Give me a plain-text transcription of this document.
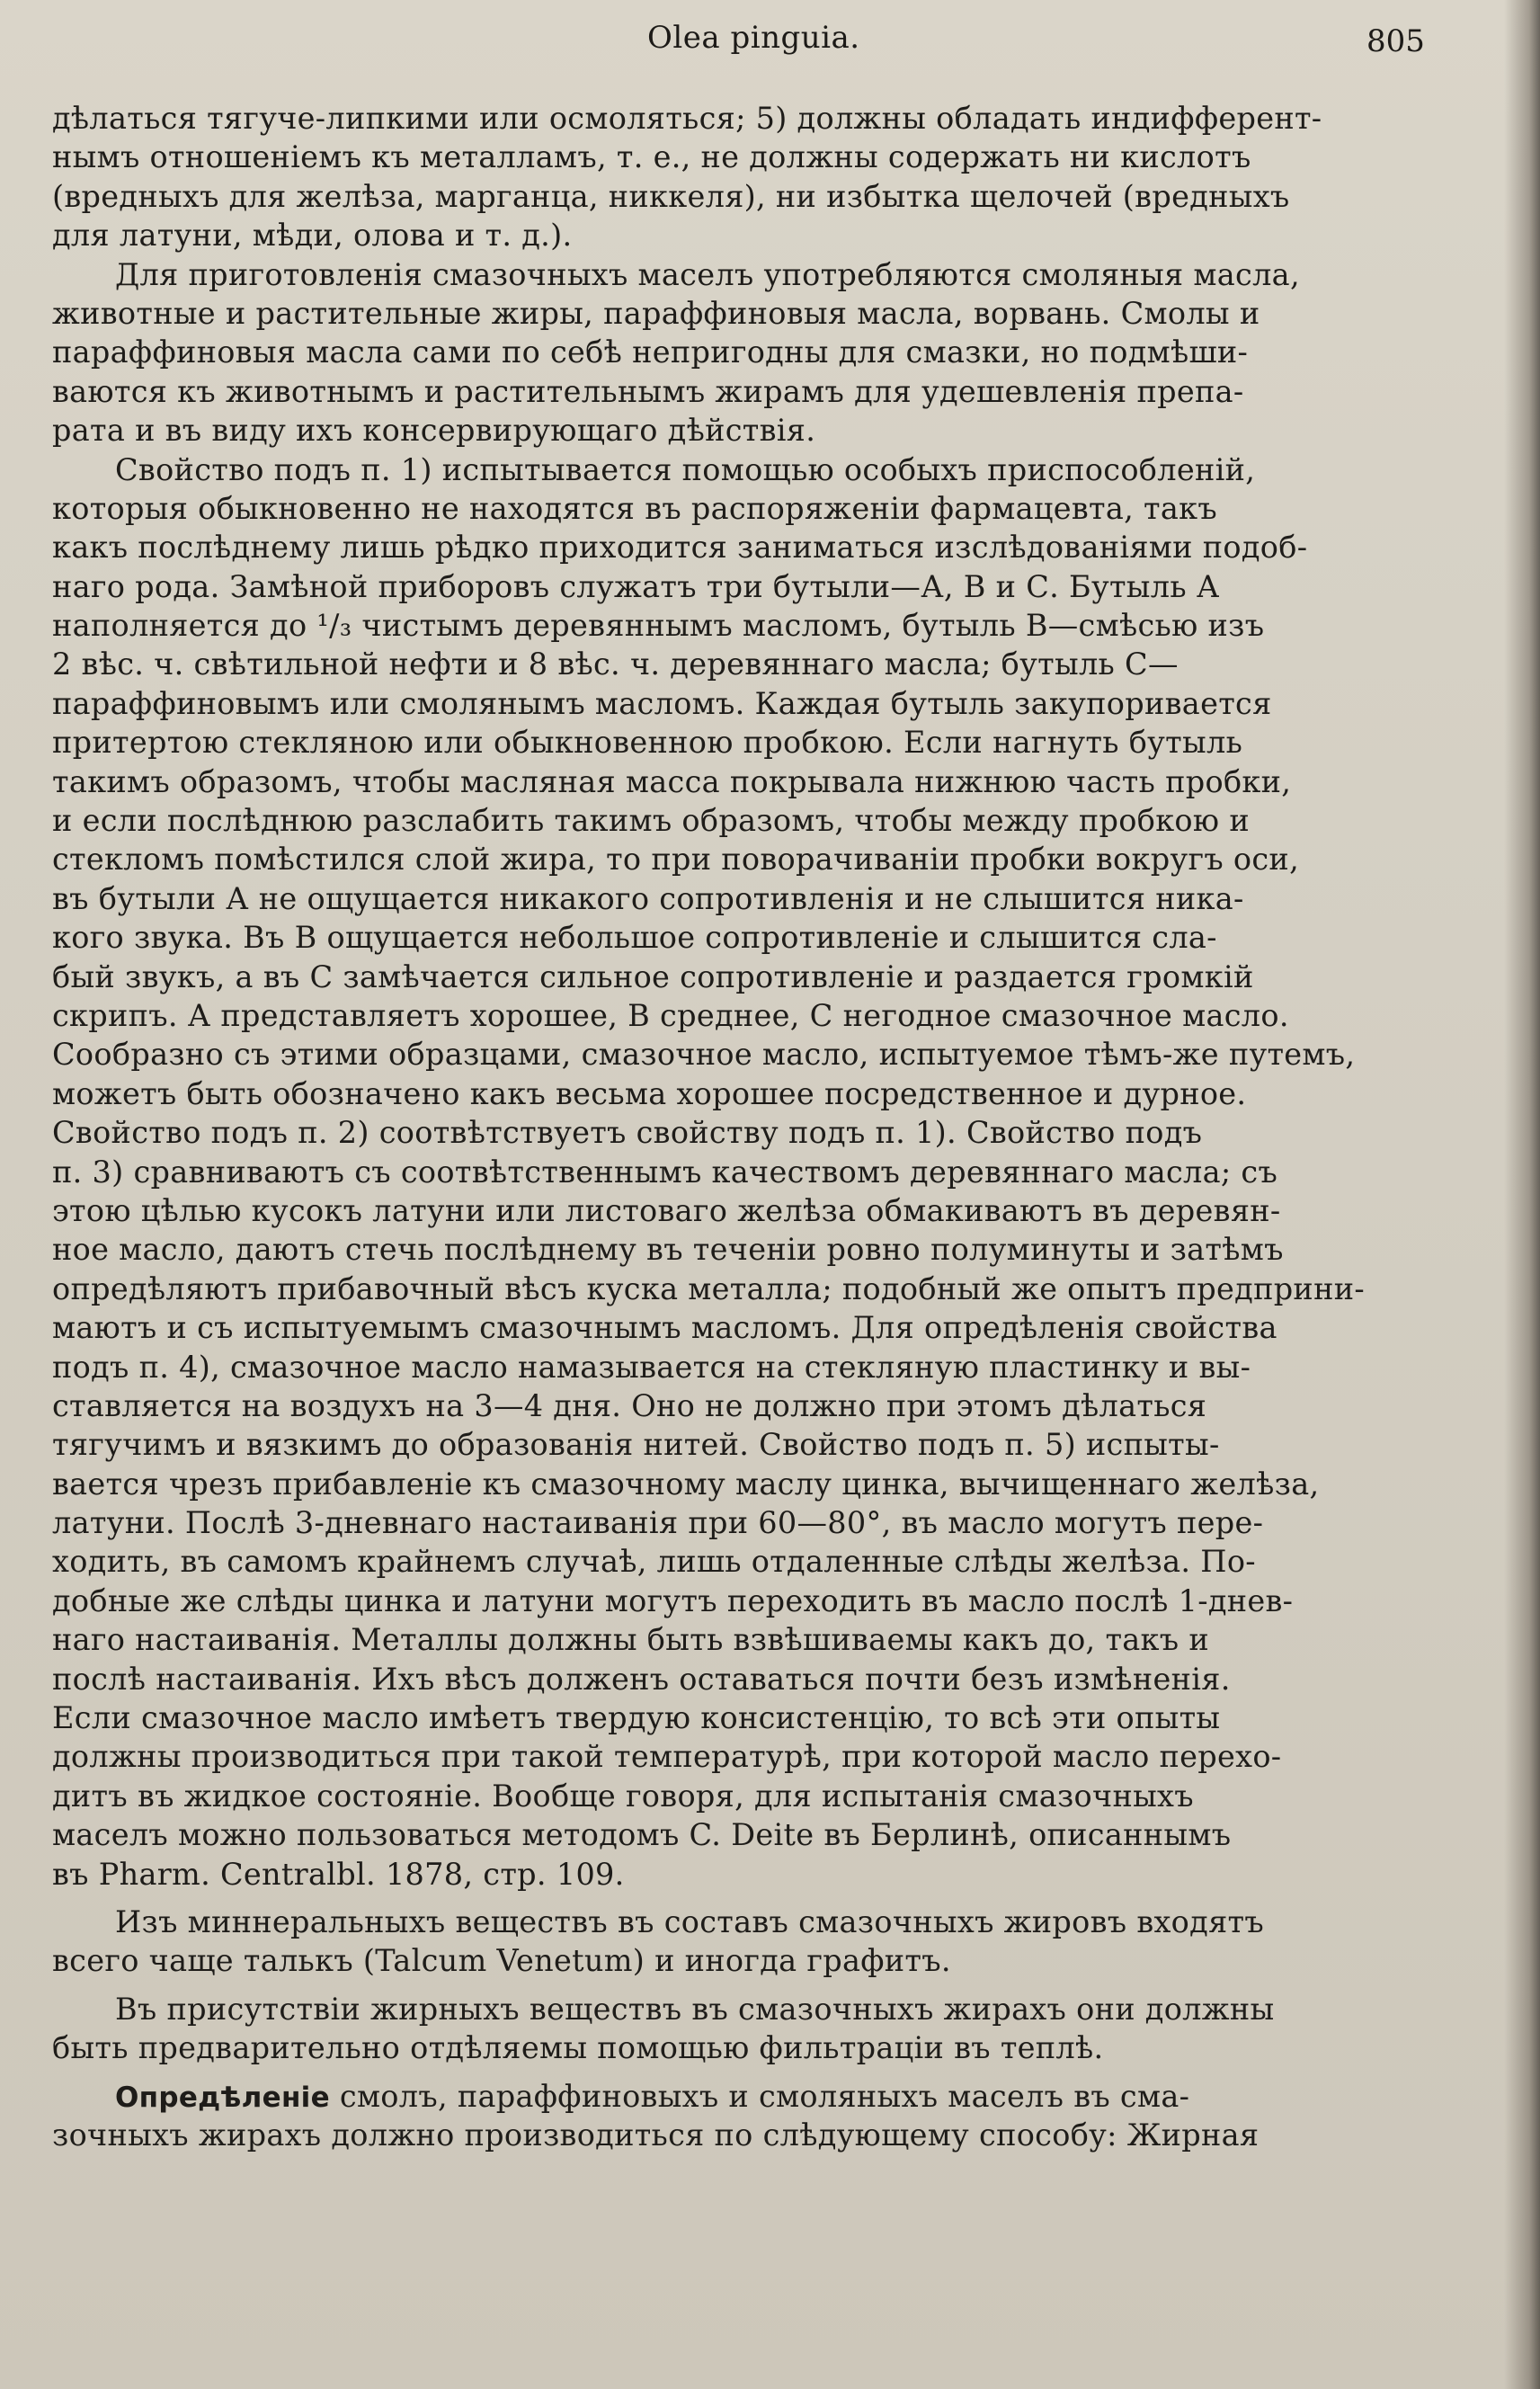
Olea pinguia.	805
дѣлаться тягуче-липкими или осмоляться; 5) должны обладать индифферент-
нымъ отношенiемъ къ металламъ, т. е., не должны содержать ни кислотъ
(вредныхъ для желѣза, марганца, никкеля), ни избытка щелочей (вредныхъ
для латуни, мѣди, олова и т. д.).
Для приготовленiя смазочныхъ маселъ употребляются смоляныя масла,
животные и растительные жиры, параффиновыя масла, ворвань. Смолы и
параффиновыя масла сами по себѣ непригодны для смазки, но подмѣши-
ваются къ животнымъ и растительнымъ жирамъ для удешевленiя препа-
рата и въ виду ихъ консервирующаго дѣйствiя.
Свойство подъ п. 1) испытывается помощью особыхъ приспособленiй,
которыя обыкновенно не находятся въ распоряженiи фармацевта, такъ
какъ послѣднему лишь рѣдко приходится заниматься изслѣдованiями подоб-
наго рода. Замѣной приборовъ служатъ три бутыли—А, В и С. Бутыль А
наполняется до ¹/₃ чистымъ деревяннымъ масломъ, бутыль В—смѣсью изъ
2 вѣс. ч. свѣтильной нефти и 8 вѣс. ч. деревяннаго масла; бутыль С—
параффиновымъ или смолянымъ масломъ. Каждая бутыль закупоривается
притертою стекляною или обыкновенною пробкою. Если нагнуть бутыль
такимъ образомъ, чтобы масляная масса покрывала нижнюю часть пробки,
и если послѣднюю разслабить такимъ образомъ, чтобы между пробкою и
стекломъ помѣстился слой жира, то при поворачиванiи пробки вокругъ оси,
въ бутыли А не ощущается никакого сопротивленiя и не слышится ника-
кого звука. Въ В ощущается небольшое сопротивленiе и слышится сла-
бый звукъ, а въ С замѣчается сильное сопротивленiе и раздается громкiй
скрипъ. А представляетъ хорошее, В среднее, С негодное смазочное масло.
Сообразно съ этими образцами, смазочное масло, испытуемое тѣмъ-же путемъ,
можетъ быть обозначено какъ весьма хорошее посредственное и дурное.
Свойство подъ п. 2) соотвѣтствуетъ свойству подъ п. 1). Свойство подъ
п. 3) сравниваютъ съ соотвѣтственнымъ качествомъ деревяннаго масла; съ
этою цѣлью кусокъ латуни или листоваго желѣза обмакиваютъ въ деревян-
ное масло, даютъ стечь послѣднему въ теченiи ровно полуминуты и затѣмъ
опредѣляютъ прибавочный вѣсъ куска металла; подобный же опытъ предприни-
маютъ и съ испытуемымъ смазочнымъ масломъ. Для опредѣленiя свойства
подъ п. 4), смазочное масло намазывается на стекляную пластинку и вы-
ставляется на воздухъ на 3—4 дня. Оно не должно при этомъ дѣлаться
тягучимъ и вязкимъ до образованiя нитей. Свойство подъ п. 5) испыты-
вается чрезъ прибавленiе къ смазочному маслу цинка, вычищеннаго желѣза,
латуни. Послѣ 3-дневнаго настаиванiя при 60—80°, въ масло могутъ пере-
ходить, въ самомъ крайнемъ случаѣ, лишь отдаленные слѣды желѣза. По-
добные же слѣды цинка и латуни могутъ переходить въ масло послѣ 1-днев-
наго настаиванiя. Металлы должны быть взвѣшиваемы какъ до, такъ и
послѣ настаиванiя. Ихъ вѣсъ долженъ оставаться почти безъ измѣненiя.
Если смазочное масло имѣетъ твердую консистенцiю, то всѣ эти опыты
должны производиться при такой температурѣ, при которой масло перехо-
дитъ въ жидкое состоянiе. Вообще говоря, для испытанiя смазочныхъ
маселъ можно пользоваться методомъ C. Deite въ Берлинѣ, описаннымъ
въ Pharm. Centralbl. 1878, стр. 109.
Изъ миннеральныхъ веществъ въ составъ смазочныхъ жировъ входятъ
всего чаще талькъ (Talcum Venetum) и иногда графитъ.
Въ присутствiи жирныхъ веществъ въ смазочныхъ жирахъ они должны
быть предварительно отдѣляемы помощью фильтрацiи въ теплѣ.
Опредѣленiе смолъ, параффиновыхъ и смоляныхъ маселъ въ сма-
зочныхъ жирахъ должно производиться по слѣдующему способу: Жирная
